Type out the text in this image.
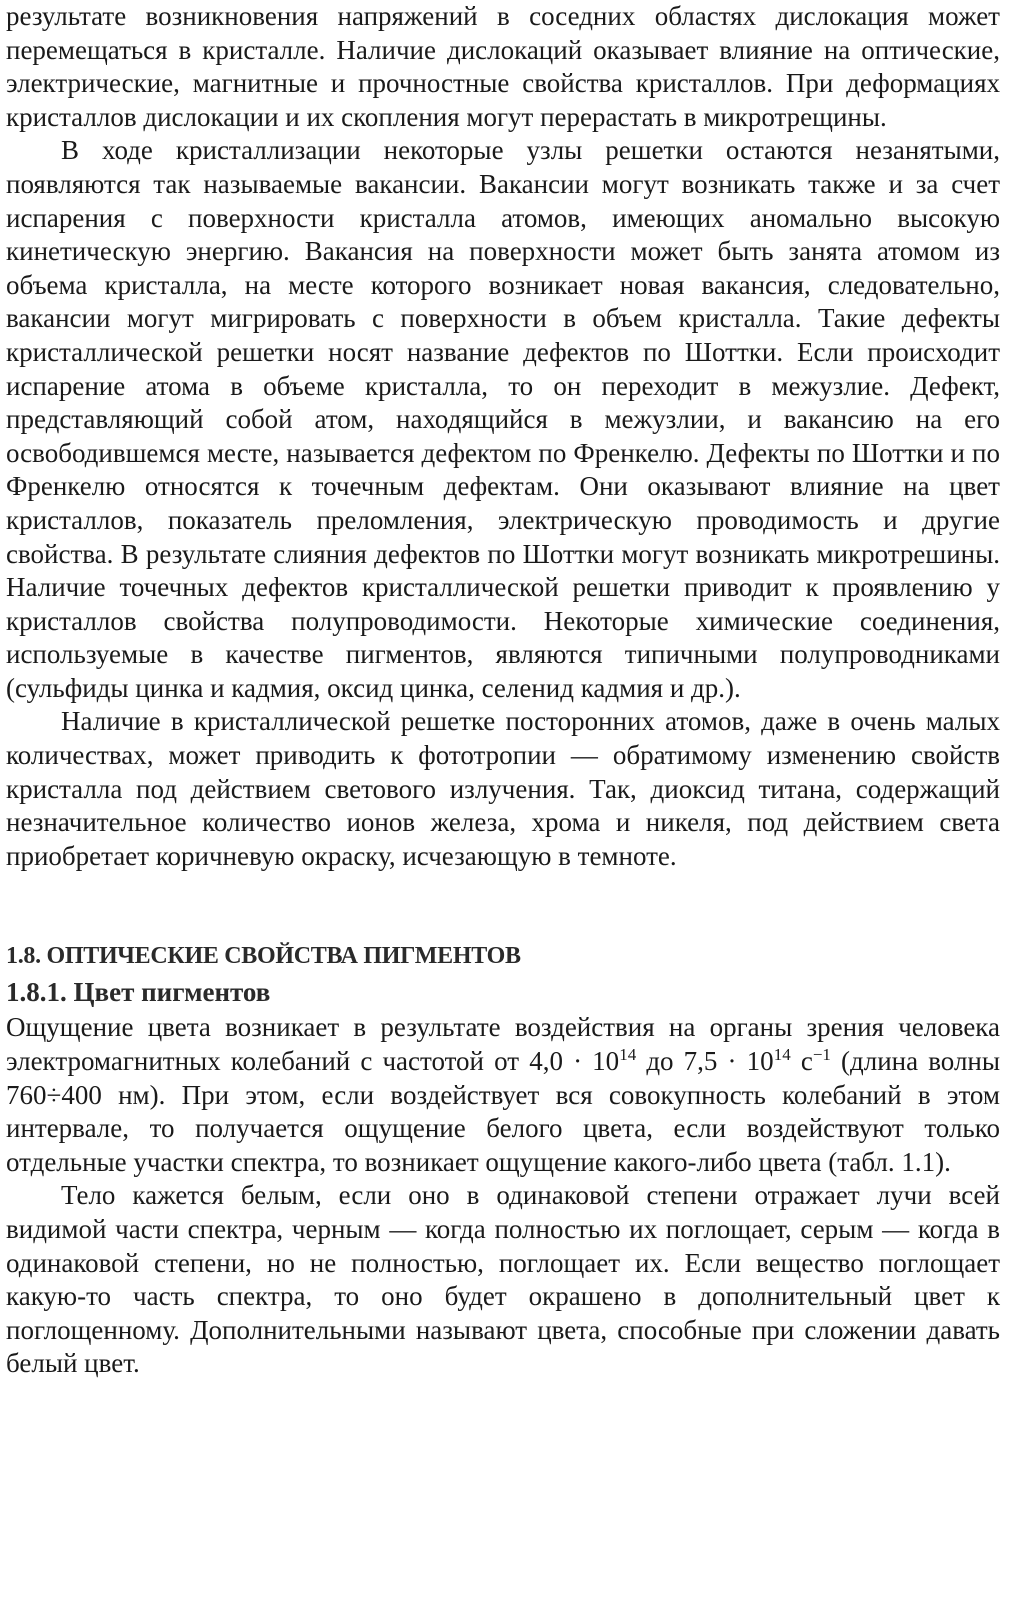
результате возникновения напряжений в соседних областях дислокация может перемещаться в кристалле. Наличие дислокаций оказывает влияние на оптические, электрические, магнитные и прочностные свойства кристаллов. При деформациях кристаллов дислокации и их скопления могут перерастать в микротрещины.

В ходе кристаллизации некоторые узлы решетки остаются незанятыми, появляются так называемые вакансии. Вакансии могут возникать также и за счет испарения с поверхности кристалла атомов, имеющих аномально высокую кинетическую энергию. Вакансия на поверхности может быть занята атомом из объема кристалла, на месте которого возникает новая вакансия, следовательно, вакансии могут мигрировать с поверхности в объем кристалла. Такие дефекты кристаллической решетки носят название дефектов по Шоттки. Если происходит испарение атома в объеме кристалла, то он переходит в межузлие. Дефект, представляющий собой атом, находящийся в межузлии, и вакансию на его освободившемся месте, называется дефектом по Френкелю. Дефекты по Шоттки и по Френкелю относятся к точечным дефектам. Они оказывают влияние на цвет кристаллов, показатель преломления, электрическую проводимость и другие свойства. В результате слияния дефектов по Шоттки могут возникать микротрешины. Наличие точечных дефектов кристаллической решетки приводит к проявлению у кристаллов свойства полупроводимости. Некоторые химические соединения, используемые в качестве пигментов, являются типичными полупроводниками (сульфиды цинка и кадмия, оксид цинка, селенид кадмия и др.).

Наличие в кристаллической решетке посторонних атомов, даже в очень малых количествах, может приводить к фототропии — обратимому изменению свойств кристалла под действием светового излучения. Так, диоксид титана, содержащий незначительное количество ионов железа, хрома и никеля, под действием света приобретает коричневую окраску, исчезающую в темноте.

1.8. ОПТИЧЕСКИЕ СВОЙСТВА ПИГМЕНТОВ
1.8.1. Цвет пигментов

Ощущение цвета возникает в результате воздействия на органы зрения человека электромагнитных колебаний с частотой от $4,0 \cdot 10^{14}$ до $7,5 \cdot 10^{14}$ $с^{-1}$ (длина волны 760÷400 нм). При этом, если воздействует вся совокупность колебаний в этом интервале, то получается ощущение белого цвета, если воздействуют только отдельные участки спектра, то возникает ощущение какого-либо цвета (табл. 1.1).

Тело кажется белым, если оно в одинаковой степени отражает лучи всей видимой части спектра, черным — когда полностью их поглощает, серым — когда в одинаковой степени, но не полностью, поглощает их. Если вещество поглощает какую-то часть спектра, то оно будет окрашено в дополнительный цвет к поглощенному. Дополнительными называют цвета, способные при сложении давать белый цвет.
